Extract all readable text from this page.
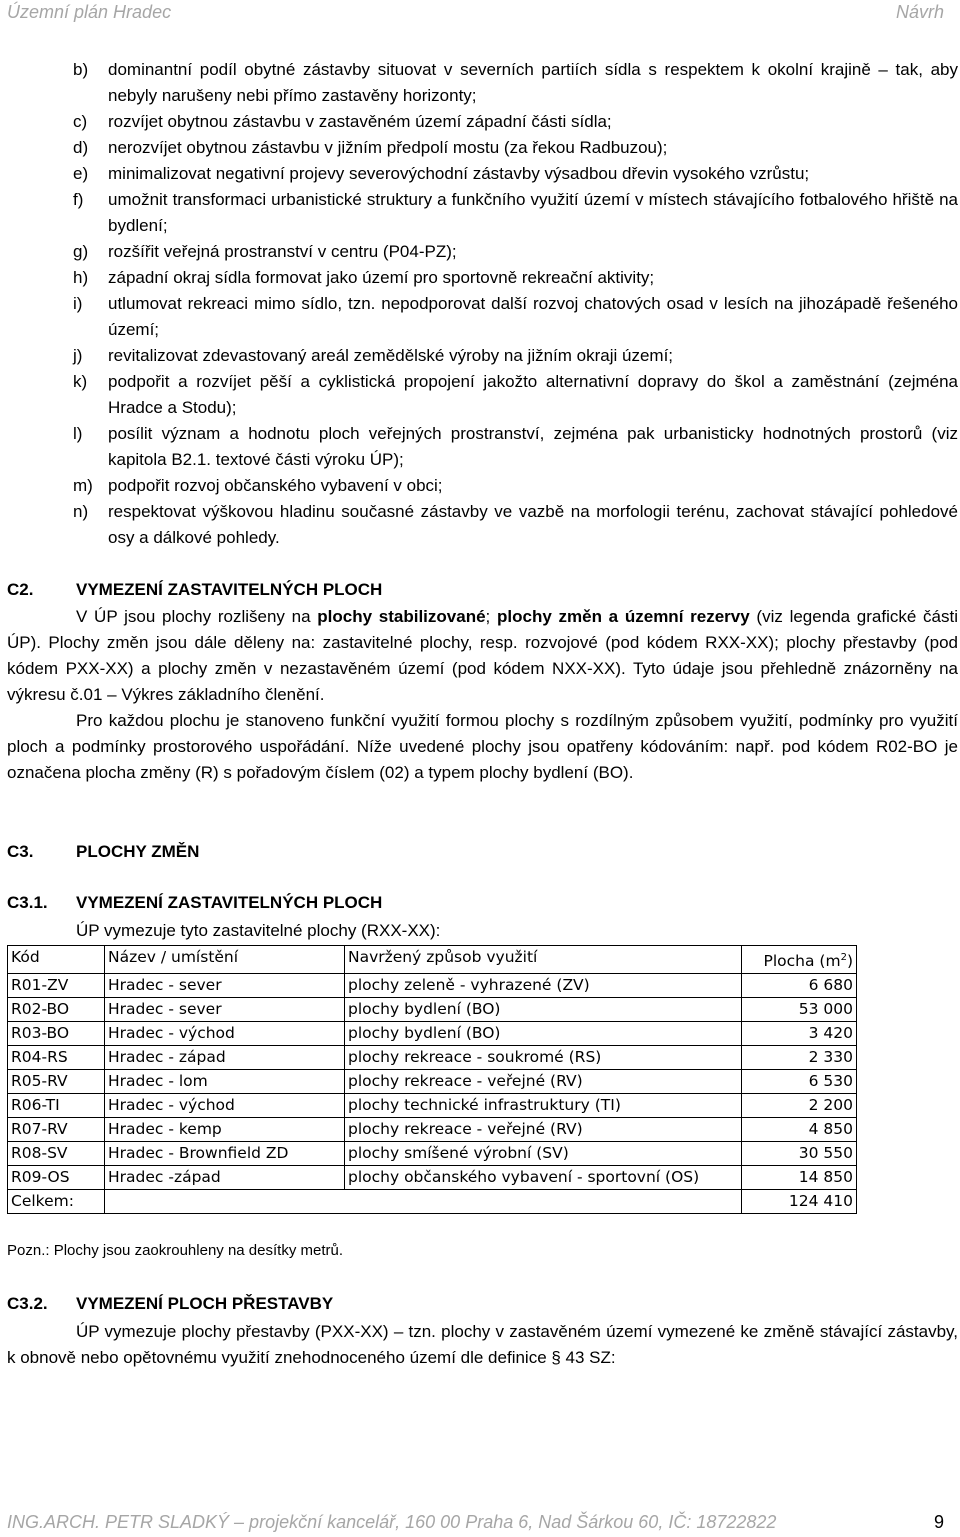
Územní plán Hradec	Návrh
b) dominantní podíl obytné zástavby situovat v severních partiích sídla s respektem k okolní krajině – tak, aby nebyly narušeny nebi přímo zastavěny horizonty;
c) rozvíjet obytnou zástavbu v zastavěném území západní části sídla;
d) nerozvíjet obytnou zástavbu v jižním předpolí mostu (za řekou Radbuzou);
e) minimalizovat negativní projevy severovýchodní zástavby výsadbou dřevin vysokého vzrůstu;
f) umožnit transformaci urbanistické struktury a funkčního využití území v místech stávajícího fotbalového hřiště na bydlení;
g) rozšířit veřejná prostranství v centru (P04-PZ);
h) západní okraj sídla formovat jako území pro sportovně rekreační aktivity;
i) utlumovat rekreaci mimo sídlo, tzn. nepodporovat další rozvoj chatových osad v lesích na jihozápadě řešeného území;
j) revitalizovat zdevastovaný areál zemědělské výroby na jižním okraji území;
k) podpořit a rozvíjet pěší a cyklistická propojení jakožto alternativní dopravy do škol a zaměstnání (zejména Hradce a Stodu);
l) posílit význam a hodnotu ploch veřejných prostranství, zejména pak urbanisticky hodnotných prostorů (viz kapitola B2.1. textové části výroku ÚP);
m) podpořit rozvoj občanského vybavení v obci;
n) respektovat výškovou hladinu současné zástavby ve vazbě na morfologii terénu, zachovat stávající pohledové osy a dálkové pohledy.
C2.	VYMEZENÍ ZASTAVITELNÝCH PLOCH
V ÚP jsou plochy rozlišeny na plochy stabilizované; plochy změn a územní rezervy (viz legenda grafické části ÚP). Plochy změn jsou dále děleny na: zastavitelné plochy, resp. rozvojové (pod kódem RXX-XX); plochy přestavby (pod kódem PXX-XX) a plochy změn v nezastavěném území (pod kódem NXX-XX). Tyto údaje jsou přehledně znázorněny na výkresu č.01 – Výkres základního členění.
Pro každou plochu je stanoveno funkční využití formou plochy s rozdílným způsobem využití, podmínky pro využití ploch a podmínky prostorového uspořádání. Níže uvedené plochy jsou opatřeny kódováním: např. pod kódem R02-BO je označena plocha změny (R) s pořadovým číslem (02) a typem plochy bydlení (BO).
C3.	PLOCHY ZMĚN
C3.1. VYMEZENÍ ZASTAVITELNÝCH PLOCH
ÚP vymezuje tyto zastavitelné plochy (RXX-XX):
Kód	Název / umístění	Navržený způsob využití	Plocha $(m^2)$
R01-ZV	Hradec - sever	plochy zeleně - vyhrazené (ZV)	6 680
R02-BO	Hradec - sever	plochy bydlení (BO)	53 000
R03-BO	Hradec - východ	plochy bydlení (BO)	3 420
R04-RS	Hradec - západ	plochy rekreace - soukromé (RS)	2 330
R05-RV	Hradec - lom	plochy rekreace - veřejné (RV)	6 530
R06-TI	Hradec - východ	plochy technické infrastruktury (TI)	2 200
R07-RV	Hradec - kemp	plochy rekreace - veřejné (RV)	4 850
R08-SV	Hradec - Brownfield ZD	plochy smíšené výrobní (SV)	30 550
R09-OS	Hradec -západ	plochy občanského vybavení - sportovní (OS)	14 850
Celkem:			124 410
Pozn.: Plochy jsou zaokrouhleny na desítky metrů.
C3.2. VYMEZENÍ PLOCH PŘESTAVBY
ÚP vymezuje plochy přestavby (PXX-XX) – tzn. plochy v zastavěném území vymezené ke změně stávající zástavby, k obnově nebo opětovnému využití znehodnoceného území dle definice § 43 SZ:
ING.ARCH. PETR SLADKÝ – projekční kancelář, 160 00 Praha 6, Nad Šárkou 60, IČ: 18722822	9
